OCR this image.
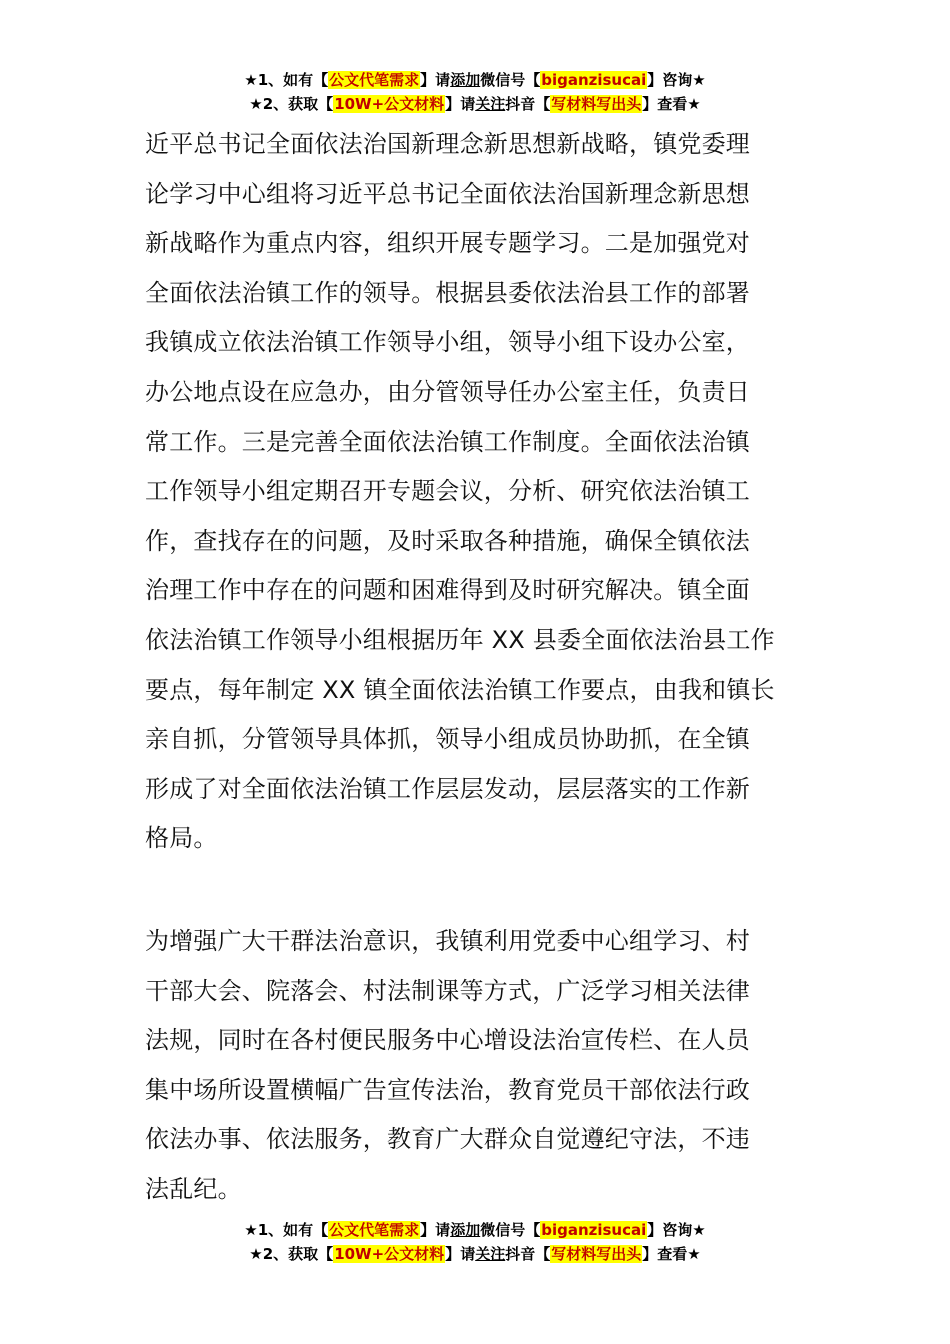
★1、如有【公文代笔需求】请添加微信号【biganzisucai】咨询★
★2、获取【10W+公文材料】请关注抖音【写材料写出头】查看★
近平总书记全面依法治国新理念新思想新战略，镇党委理
论学习中心组将习近平总书记全面依法治国新理念新思想
新战略作为重点内容，组织开展专题学习。二是加强党对
全面依法治镇工作的领导。根据县委依法治县工作的部署
我镇成立依法治镇工作领导小组，领导小组下设办公室，
办公地点设在应急办，由分管领导任办公室主任，负责日
常工作。三是完善全面依法治镇工作制度。全面依法治镇
工作领导小组定期召开专题会议，分析、研究依法治镇工
作，查找存在的问题，及时采取各种措施，确保全镇依法
治理工作中存在的问题和困难得到及时研究解决。镇全面
依法治镇工作领导小组根据历年 XX 县委全面依法治县工作
要点，每年制定 XX 镇全面依法治镇工作要点，由我和镇长
亲自抓，分管领导具体抓，领导小组成员协助抓，在全镇
形成了对全面依法治镇工作层层发动，层层落实的工作新
格局。
为增强广大干群法治意识，我镇利用党委中心组学习、村
干部大会、院落会、村法制课等方式，广泛学习相关法律
法规，同时在各村便民服务中心增设法治宣传栏、在人员
集中场所设置横幅广告宣传法治，教育党员干部依法行政
依法办事、依法服务，教育广大群众自觉遵纪守法，不违
法乱纪。
★1、如有【公文代笔需求】请添加微信号【biganzisucai】咨询★
★2、获取【10W+公文材料】请关注抖音【写材料写出头】查看★
